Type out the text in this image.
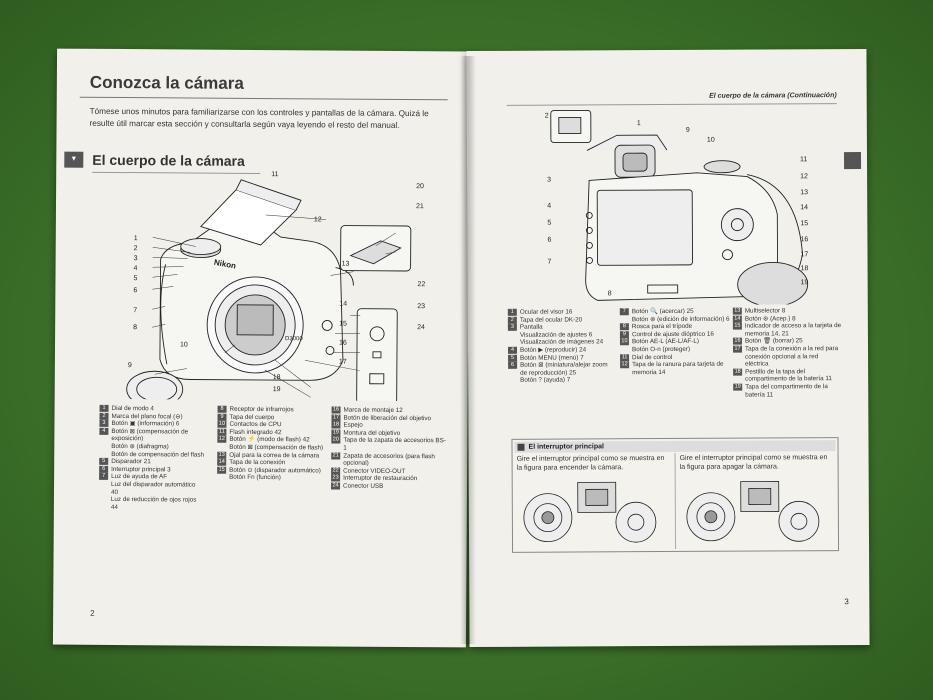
Conozca la cámara
Tómese unos minutos para familiarizarse con los controles y pantallas de la cámara. Quizá le resulte útil marcar esta sección y consultarla según vaya leyendo el resto del manual.
▼	El cuerpo de la cámara
Nikon
D3000
1
2
3
4
5
6
7
8
9
10
11
12
13
14
15
16
17
18
19
20
21
22
23
24
1 Dial de modo 4
2 Marca del plano focal (⊖)
3 Botón ▣ (información) 6
4 Botón ⊠ (compensación de exposición)
Botón ⊛ (diafragma)
Botón de compensación del flash
5 Disparador 21
6 Interruptor principal 3
7 Luz de ayuda de AF
Luz del disparador automático 40
Luz de reducción de ojos rojos 44
8 Receptor de infrarrojos
9 Tapa del cuerpo
10 Contactos de CPU
11 Flash integrado 42
12 Botón ⚡ (modo de flash) 42
Botón ⊠ (compensación de flash)
13 Ojal para la correa de la cámara
14 Tapa de la conexión
15 Botón ⊙ (disparador automático)
Botón Fn (función)
16 Marca de montaje 12
17 Botón de liberación del objetivo
18 Espejo
19 Montura del objetivo
20 Tapa de la zapata de accesorios BS-1
21 Zapata de accesorios (para flash opcional)
22 Conector VIDEO-OUT
23 Interruptor de restauración
24 Conector USB
2
El cuerpo de la cámara (Continuación)
2
1
9
10
3
4
5
6
7
8
11
12
13
14
15
16
17
18
19
1 Ocular del visor 16
2 Tapa del ocular DK-20
3 Pantalla
Visualización de ajustes 6
Visualización de imágenes 24
4 Botón ▶ (reproducir) 24
5 Botón MENU (menú) 7
6 Botón ⊠ (miniatura/alejar zoom de reproducción) 25
Botón ? (ayuda) 7
7 Botón 🔍 (acercar) 25
Botón ⊛ (edición de información) 6
8 Rosca para el trípode
9 Control de ajuste dióptrico 16
10 Botón AE-L (AE-L/AF-L)
Botón O-n (proteger)
11 Dial de control
12 Tapa de la ranura para tarjeta de memoria 14
13 Multiselector 8
14 Botón ⊛ (Acep.) 8
15 Indicador de acceso a la tarjeta de memoria 14, 21
16 Botón 🗑 (borrar) 25
17 Tapa de la conexión a la red para conexión opcional a la red eléctrica
18 Pestillo de la tapa del compartimento de la batería 11
19 Tapa del compartimento de la batería 11
El interruptor principal
Gire el interruptor principal como se muestra en la figura para encender la cámara.
Gire el interruptor principal como se muestra en la figura para apagar la cámara.
3
